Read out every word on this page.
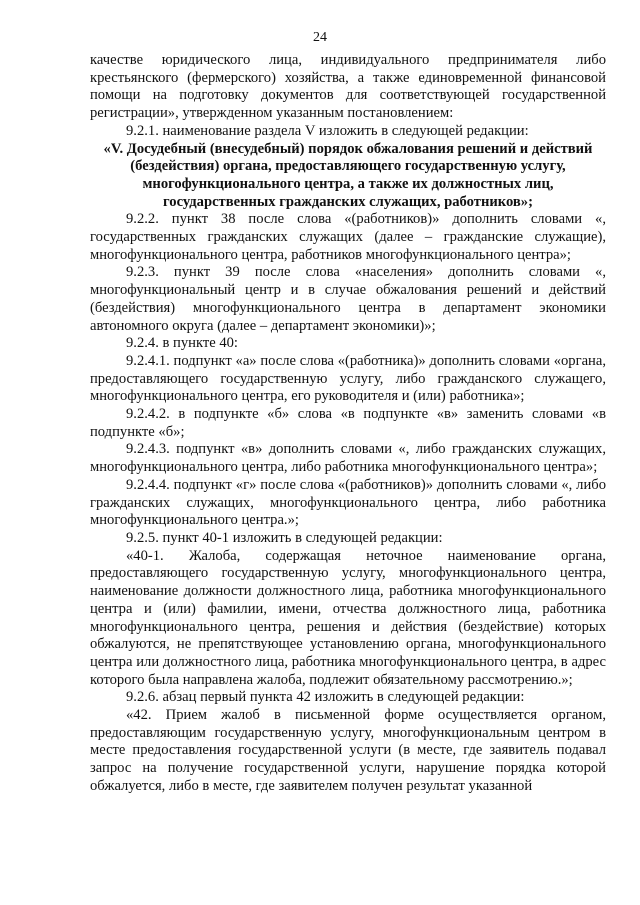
24

качестве юридического лица, индивидуального предпринимателя либо крестьянского (фермерского) хозяйства, а также единовременной финансовой помощи на подготовку документов для соответствующей государственной регистрации», утвержденном указанным постановлением:

9.2.1. наименование раздела V изложить в следующей редакции:

«V. Досудебный (внесудебный) порядок обжалования решений и действий (бездействия) органа, предоставляющего государственную услугу, многофункционального центра, а также их должностных лиц, государственных гражданских служащих, работников»;

9.2.2. пункт 38 после слова «(работников)» дополнить словами «, государственных гражданских служащих (далее – гражданские служащие), многофункционального центра, работников многофункционального центра»;

9.2.3. пункт 39 после слова «населения» дополнить словами «, многофункциональный центр и в случае обжалования решений и действий (бездействия) многофункционального центра в департамент экономики автономного округа (далее – департамент экономики)»;

9.2.4. в пункте 40:

9.2.4.1. подпункт «а» после слова «(работника)» дополнить словами «органа, предоставляющего государственную услугу, либо гражданского служащего, многофункционального центра, его руководителя и (или) работника»;

9.2.4.2. в подпункте «б» слова «в подпункте «в» заменить словами «в подпункте «б»;

9.2.4.3. подпункт «в» дополнить словами «, либо гражданских служащих, многофункционального центра, либо работника многофункционального центра»;

9.2.4.4. подпункт «г» после слова «(работников)» дополнить словами «, либо гражданских служащих, многофункционального центра, либо работника многофункционального центра.»;

9.2.5. пункт 40-1 изложить в следующей редакции:

«40-1. Жалоба, содержащая неточное наименование органа, предоставляющего государственную услугу, многофункционального центра, наименование должности должностного лица, работника многофункционального центра и (или) фамилии, имени, отчества должностного лица, работника многофункционального центра, решения и действия (бездействие) которых обжалуются, не препятствующее установлению органа, многофункционального центра или должностного лица, работника многофункционального центра, в адрес которого была направлена жалоба, подлежит обязательному рассмотрению.»;

9.2.6. абзац первый пункта 42 изложить в следующей редакции:

«42. Прием жалоб в письменной форме осуществляется органом, предоставляющим государственную услугу, многофункциональным центром в месте предоставления государственной услуги (в месте, где заявитель подавал запрос на получение государственной услуги, нарушение порядка которой обжалуется, либо в месте, где заявителем получен результат указанной
